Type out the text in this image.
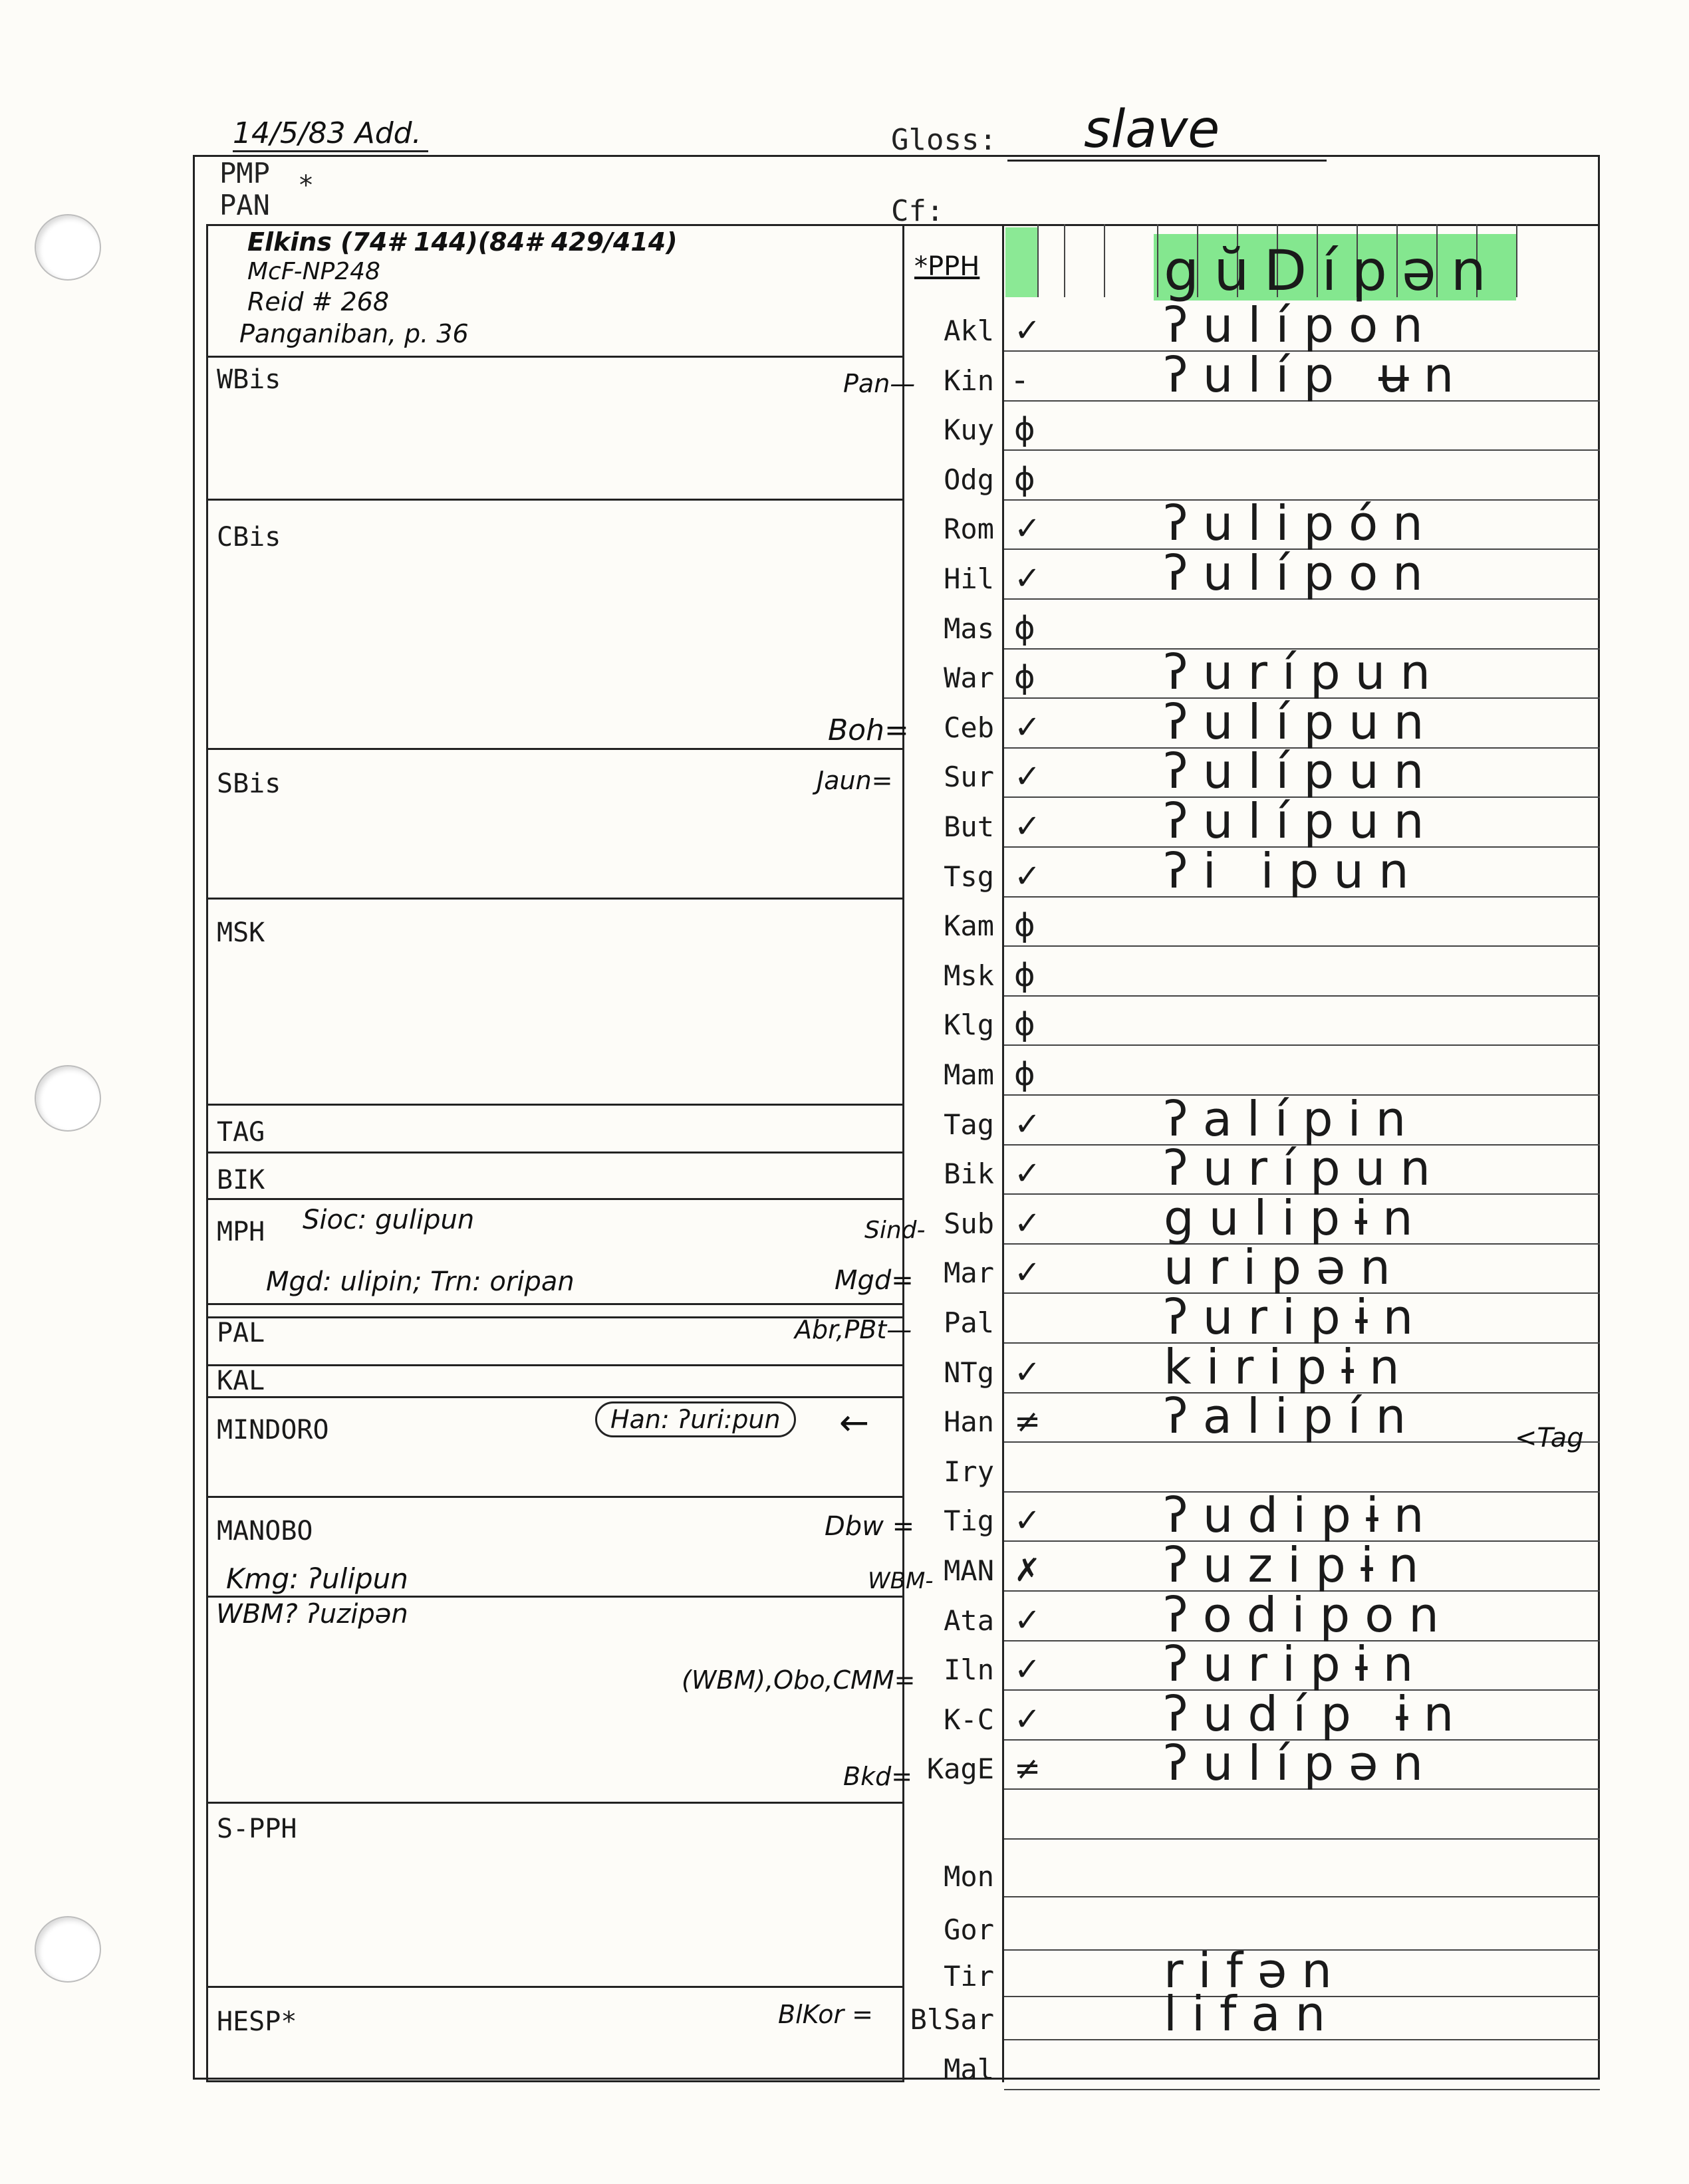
14/5/83 Add.	Gloss: slave
PMP *
PAN	Cf:
Elkins (74# 144)(84# 429/414)
McF-NP248
Reid # 268
Panganiban, p. 36
WBis
CBis
SBis
MSK
TAG
BIK
MPH Sioc: gulipun
Mgd: ulipin; Trn: oripan
PAL
KAL
MINDORO	Han: ʔuri:pun
MANOBO
Kmg: ʔulipun
WBM? ʔuzipən
S-PPH
HESP*
*PPH	gŭDípən
Akl ✓	ʔulípon
Kin -	ʔulíp ʉn
Kuy ϕ
Odg ϕ
Rom ✓	ʔulipón
Hil ✓	ʔulípon
Mas ϕ
War ϕ	ʔurípun
Ceb ✓	ʔulípun
Sur ✓	ʔulípun
But ✓	ʔulípun
Tsg ✓	ʔi ipun
Kam ϕ
Msk ϕ
Klg ϕ
Mam ϕ
Tag ✓	ʔalípin
Bik ✓	ʔurípun
Sub ✓	gulipɨn
Mar ✓	uripən
Pal	ʔuripɨn
NTg ✓	kiripɨn
Han ≠	ʔalipín
Iry
Tig ✓	ʔudipɨn
MAN ✗	ʔuzipɨn
Ata ✓	ʔodipon
Iln ✓	ʔuripɨn
K-C ✓	ʔudíp ɨn
KagE ≠	ʔulípən
Mon
Gor
Tir	rifən
BlSar	lifan
Mal
Pan—
Boh=
Jaun=
Sind-
Mgd=
Abr,PBt—
←
Dbw =
WBM-
(WBM),Obo,CMM=
Bkd=
BlKor =
<Tag
